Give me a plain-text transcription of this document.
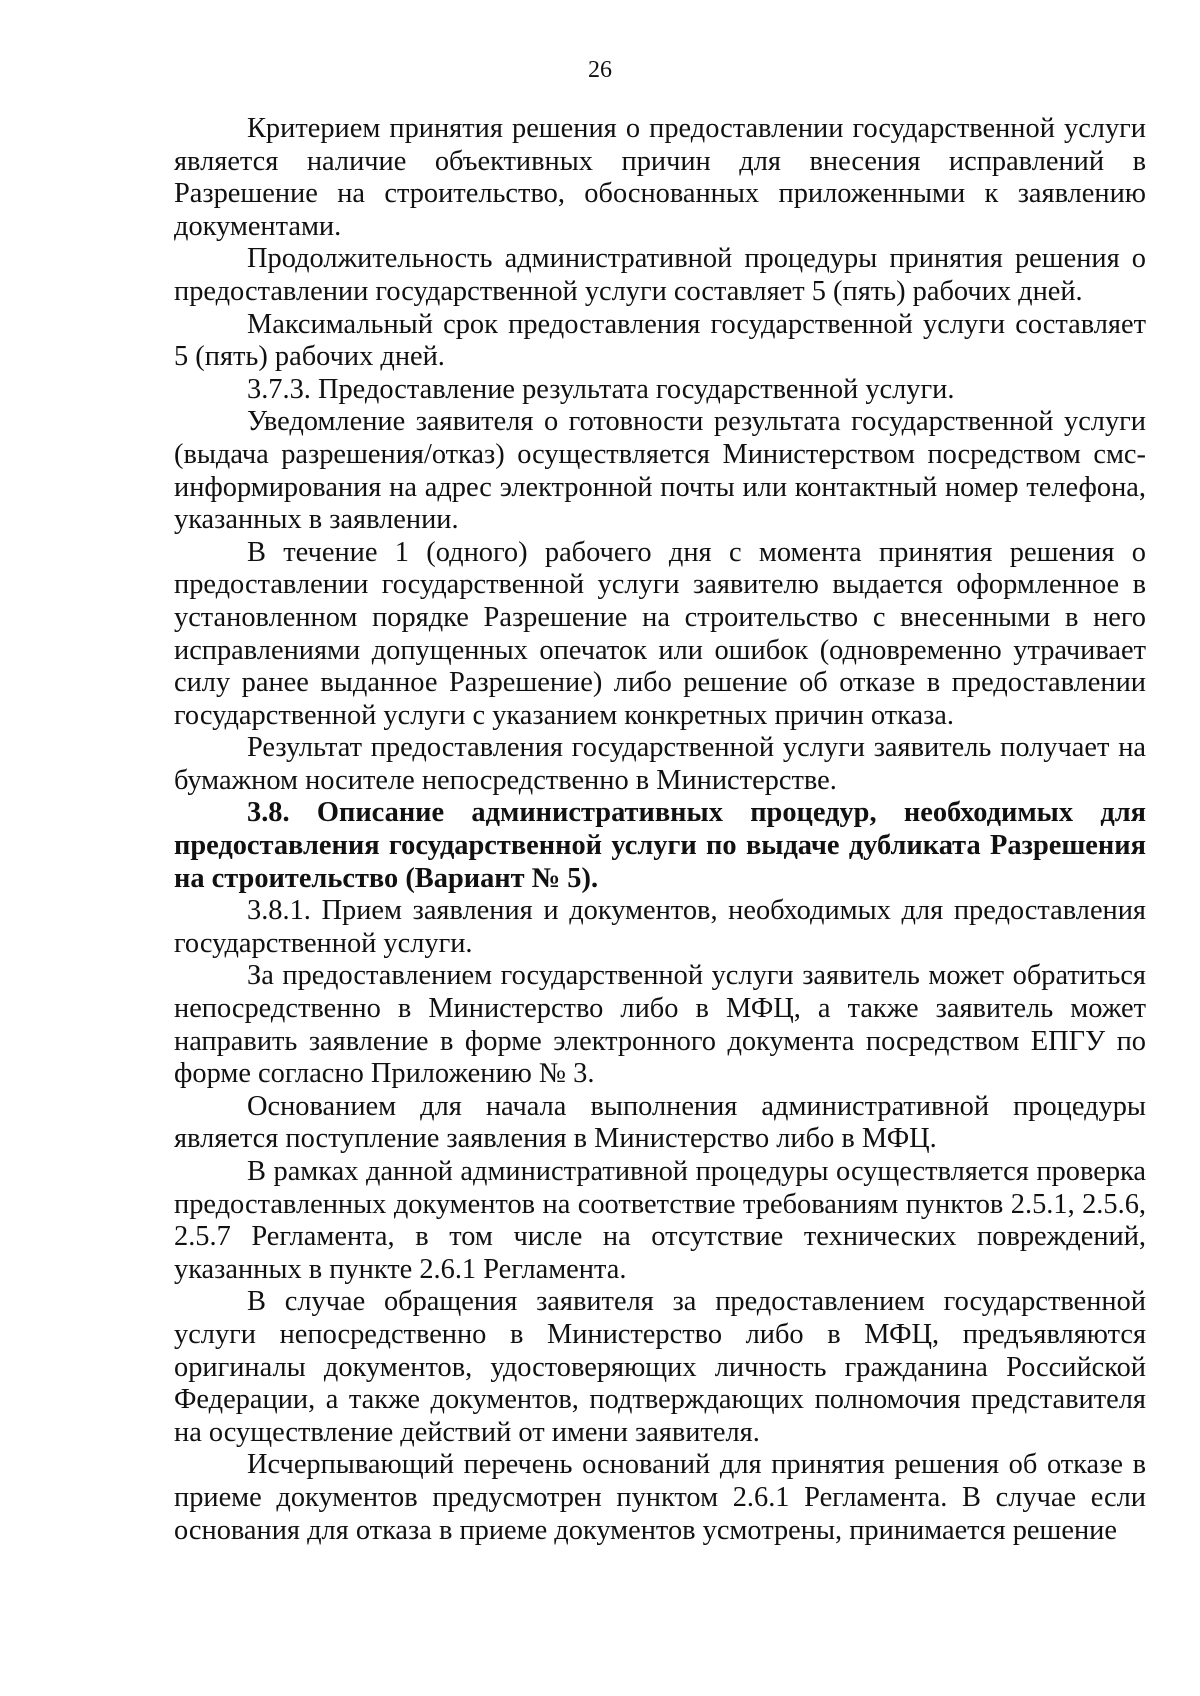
26

Критерием принятия решения о предоставлении государственной услуги является наличие объективных причин для внесения исправлений в Разрешение на строительство, обоснованных приложенными к заявлению документами.

Продолжительность административной процедуры принятия решения о предоставлении государственной услуги составляет 5 (пять) рабочих дней.

Максимальный срок предоставления государственной услуги составляет 5 (пять) рабочих дней.

3.7.3. Предоставление результата государственной услуги.

Уведомление заявителя о готовности результата государственной услуги (выдача разрешения/отказ) осуществляется Министерством посредством смс-информирования на адрес электронной почты или контактный номер телефона, указанных в заявлении.

В течение 1 (одного) рабочего дня с момента принятия решения о предоставлении государственной услуги заявителю выдается оформленное в установленном порядке Разрешение на строительство с внесенными в него исправлениями допущенных опечаток или ошибок (одновременно утрачивает силу ранее выданное Разрешение) либо решение об отказе в предоставлении государственной услуги с указанием конкретных причин отказа.

Результат предоставления государственной услуги заявитель получает на бумажном носителе непосредственно в Министерстве.

3.8. Описание административных процедур, необходимых для предоставления государственной услуги по выдаче дубликата Разрешения на строительство (Вариант № 5).

3.8.1. Прием заявления и документов, необходимых для предоставления государственной услуги.

За предоставлением государственной услуги заявитель может обратиться непосредственно в Министерство либо в МФЦ, а также заявитель может направить заявление в форме электронного документа посредством ЕПГУ по форме согласно Приложению № 3.

Основанием для начала выполнения административной процедуры является поступление заявления в Министерство либо в МФЦ.

В рамках данной административной процедуры осуществляется проверка предоставленных документов на соответствие требованиям пунктов 2.5.1, 2.5.6, 2.5.7 Регламента, в том числе на отсутствие технических повреждений, указанных в пункте 2.6.1 Регламента.

В случае обращения заявителя за предоставлением государственной услуги непосредственно в Министерство либо в МФЦ, предъявляются оригиналы документов, удостоверяющих личность гражданина Российской Федерации, а также документов, подтверждающих полномочия представителя на осуществление действий от имени заявителя.

Исчерпывающий перечень оснований для принятия решения об отказе в приеме документов предусмотрен пунктом 2.6.1 Регламента. В случае если основания для отказа в приеме документов усмотрены, принимается решение
